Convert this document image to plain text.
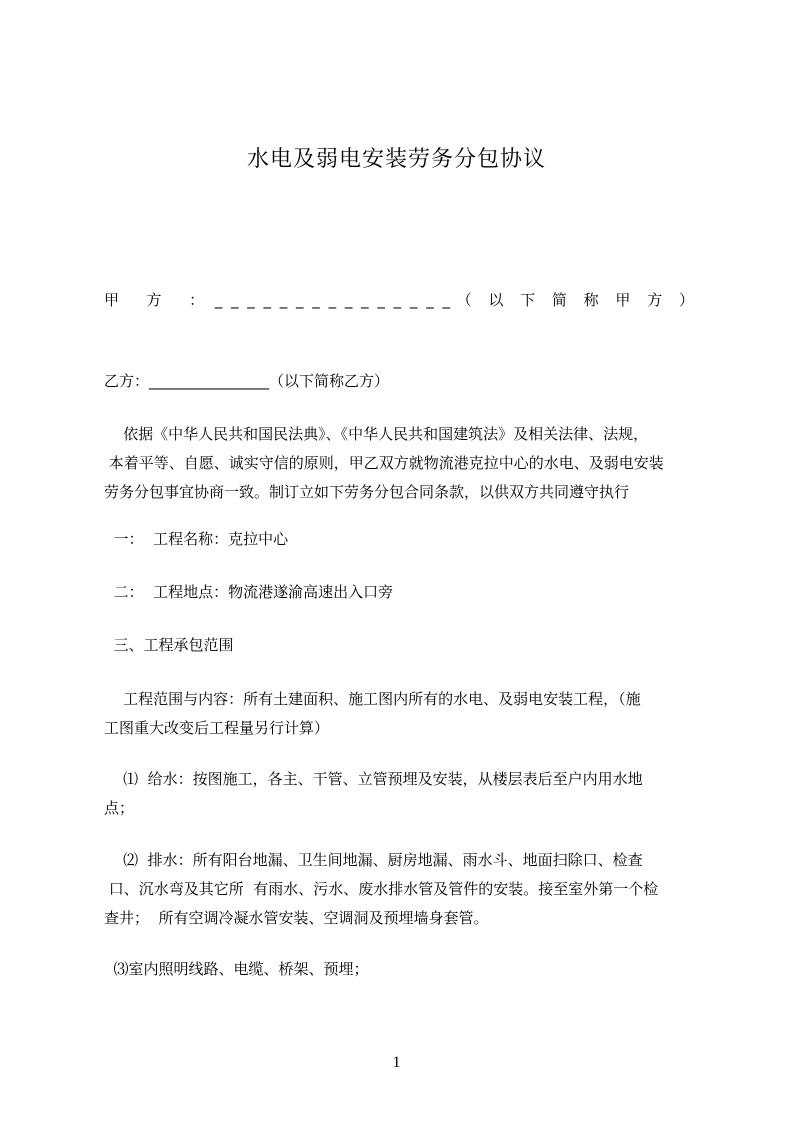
水电及弱电安装劳务分包协议
甲  方  ： _ _ _ _ _ _ _ _ _ _ _ _ _ _ _ （ 以 下 简 称 甲 方 ）
乙方：________________（以下简称乙方）

依据《中华人民共和国民法典》、《中华人民共和国建筑法》及相关法律、法规，

本着平等、自愿、诚实守信的原则，甲乙双方就物流港克拉中心的水电、及弱电安装

劳务分包事宜协商一致。制订立如下劳务分包合同条款，以供双方共同遵守执行

一：  工程名称：克拉中心
二：  工程地点：物流港遂渝高速出入口旁
三、工程承包范围

工程范围与内容：所有土建面积、施工图内所有的水电、及弱电安装工程，（施

工图重大改变后工程量另行计算）

⑴  给水：按图施工，各主、干管、立管预埋及安装，从楼层表后至户内用水地

点；

⑵  排水：所有阳台地漏、卫生间地漏、厨房地漏、雨水斗、地面扫除口、检查

口、沉水弯及其它所  有雨水、污水、废水排水管及管件的安装。接至室外第一个检

查井；  所有空调冷凝水管安装、空调洞及预埋墙身套管。

⑶室内照明线路、电缆、桥架、预埋；
1
